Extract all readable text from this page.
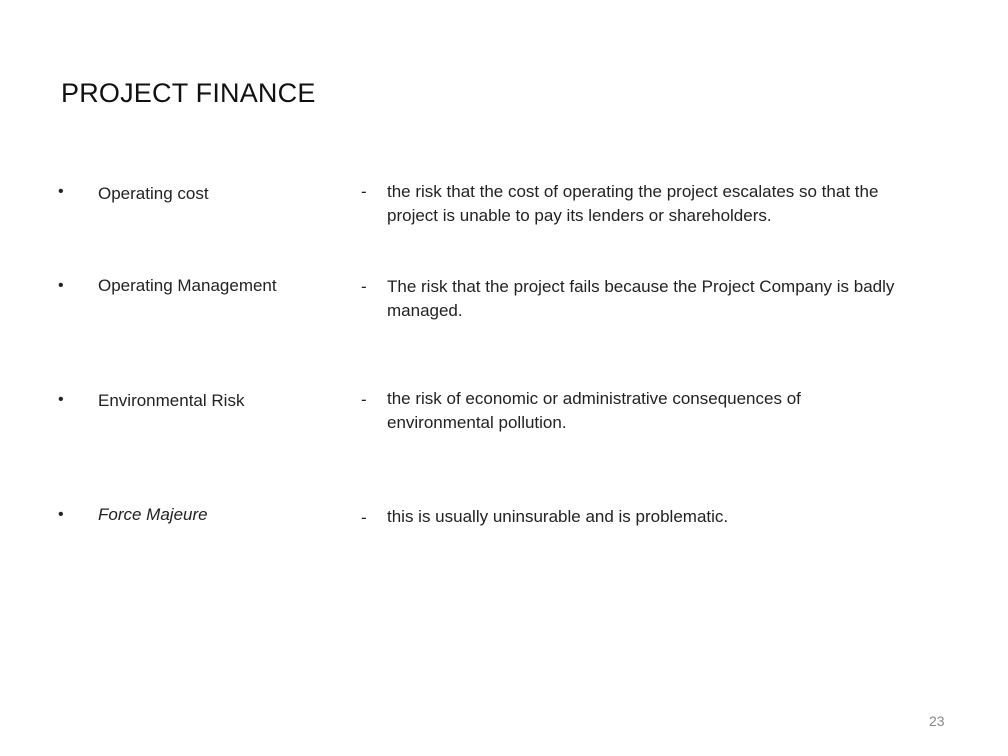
PROJECT FINANCE
• Operating cost	- the risk that the cost of operating the project escalates so that the project is unable to pay its lenders or shareholders.
• Operating Management	- The risk that the project fails because the Project Company is badly managed.
• Environmental Risk	- the risk of economic or administrative consequences of environmental pollution.
• Force Majeure	- this is usually uninsurable and is problematic.
23
